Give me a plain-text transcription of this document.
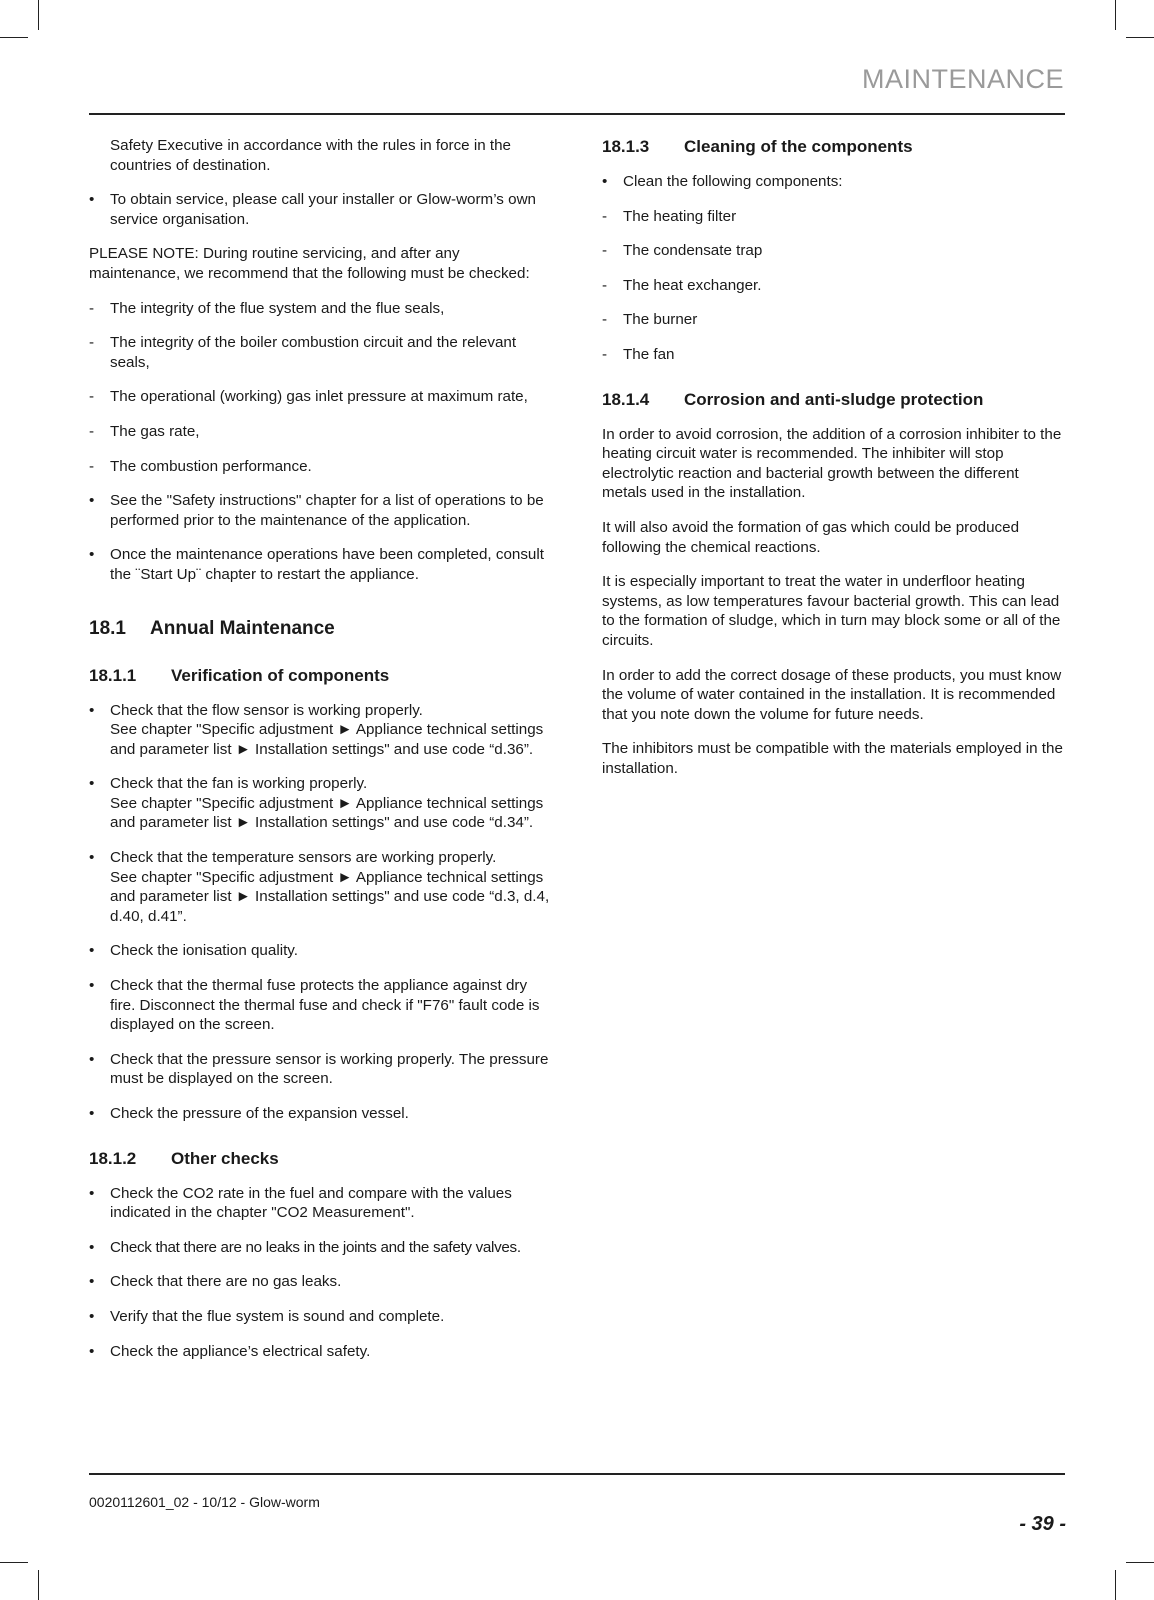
MAINTENANCE
Safety Executive in accordance with the rules in force in the countries of destination.
• To obtain service, please call your installer or Glow-worm’s own service organisation.

PLEASE NOTE: During routine servicing, and after any maintenance, we recommend that the following must be checked:

- The integrity of the flue system and the flue seals,
- The integrity of the boiler combustion circuit and the relevant seals,
- The operational (working) gas inlet pressure at maximum rate,
- The gas rate,
- The combustion performance.
• See the "Safety instructions" chapter for a list of operations to be performed prior to the maintenance of the application.
• Once the maintenance operations have been completed, consult the ¨Start Up¨ chapter to restart the appliance.
18.1 Annual Maintenance
18.1.1 Verification of components
• Check that the flow sensor is working properly.
See chapter "Specific adjustment ► Appliance technical settings and parameter list ► Installation settings" and use code “d.36”.
• Check that the fan is working properly.
See chapter "Specific adjustment ► Appliance technical settings and parameter list ► Installation settings" and use code “d.34”.
• Check that the temperature sensors are working properly.
See chapter "Specific adjustment ► Appliance technical settings and parameter list ► Installation settings" and use code “d.3, d.4, d.40, d.41”.
• Check the ionisation quality.
• Check that the thermal fuse protects the appliance against dry fire. Disconnect the thermal fuse and check if "F76" fault code is displayed on the screen.
• Check that the pressure sensor is working properly. The pressure must be displayed on the screen.
• Check the pressure of the expansion vessel.
18.1.2 Other checks
• Check the CO2 rate in the fuel and compare with the values indicated in the chapter "CO2 Measurement".
• Check that there are no leaks in the joints and the safety valves.
• Check that there are no gas leaks.
• Verify that the flue system is sound and complete.
• Check the appliance’s electrical safety.
18.1.3 Cleaning of the components
• Clean the following components:
- The heating filter
- The condensate trap
- The heat exchanger.
- The burner
- The fan
18.1.4 Corrosion and anti-sludge protection

In order to avoid corrosion, the addition of a corrosion inhibiter to the heating circuit water is recommended. The inhibiter will stop electrolytic reaction and bacterial growth between the different metals used in the installation.

It will also avoid the formation of gas which could be produced following the chemical reactions.

It is especially important to treat the water in underfloor heating systems, as low temperatures favour bacterial growth. This can lead to the formation of sludge, which in turn may block some or all of the circuits.

In order to add the correct dosage of these products, you must know the volume of water contained in the installation. It is recommended that you note down the volume for future needs.

The inhibitors must be compatible with the materials employed in the installation.

0020112601_02 - 10/12 - Glow-worm
- 39 -
